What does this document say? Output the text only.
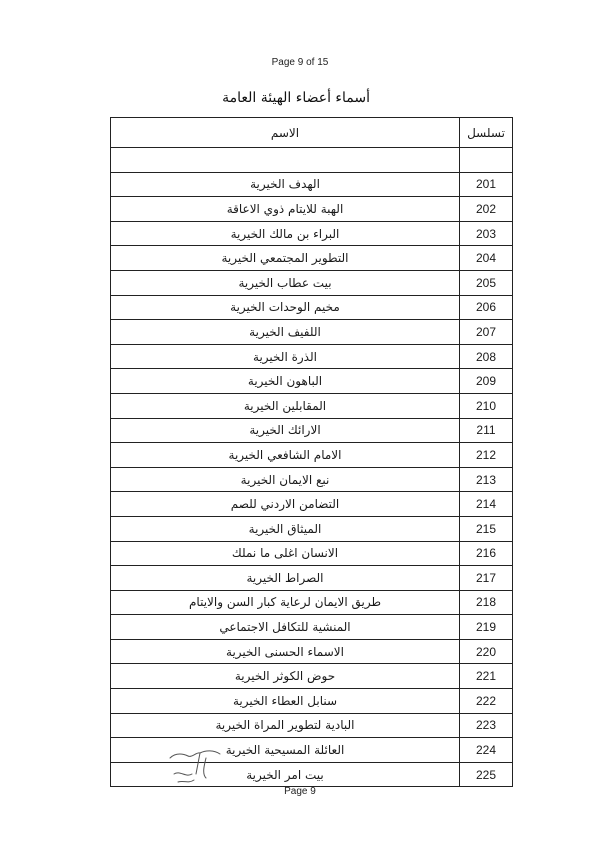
Page 9 of 15
أسماء أعضاء الهيئة العامة
تسلسل	الاسم

201	الهدف الخيرية
202	الهبة للايتام ذوي الاعاقة
203	البراء بن مالك الخيرية
204	التطوير المجتمعي الخيرية
205	بيت عطاب الخيرية
206	مخيم الوحدات الخيرية
207	اللفيف الخيرية
208	الذرة الخيرية
209	الباهون الخيرية
210	المقابلين الخيرية
211	الارائك الخيرية
212	الامام الشافعي الخيرية
213	نبع الايمان الخيرية
214	التضامن الاردني للصم
215	الميثاق الخيرية
216	الانسان اغلى ما نملك
217	الصراط الخيرية
218	طريق الايمان لرعاية كبار السن والايتام
219	المنشية للتكافل الاجتماعي
220	الاسماء الحسنى الخيرية
221	حوض الكوثر الخيرية
222	سنابل العطاء الخيرية
223	البادية لتطوير المراة الخيرية
224	العائلة المسيحية الخيرية
225	بيت امر الخيرية
Page 9
